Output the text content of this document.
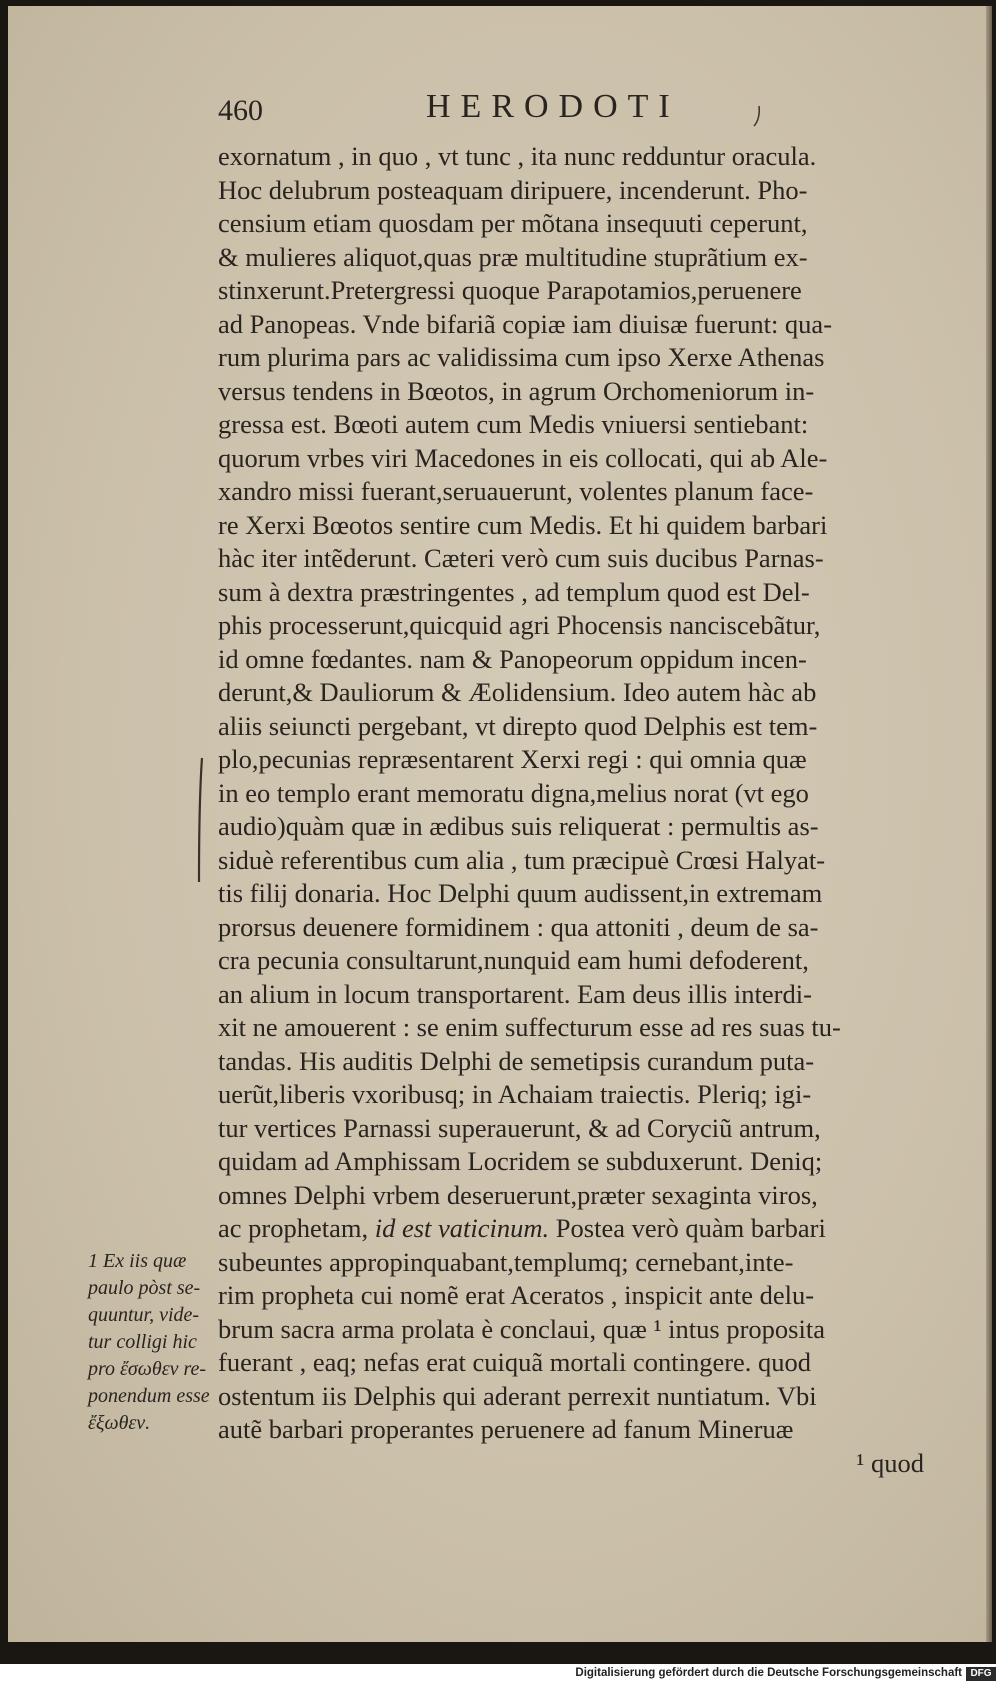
460	HERODOTI
exornatum , in quo , vt tunc , ita nunc redduntur oracula.
Hoc delubrum posteaquam diripuere, incenderunt. Pho-
censium etiam quosdam per mõtana insequuti ceperunt,
& mulieres aliquot,quas præ multitudine stuprãtium ex-
stinxerunt.Pretergressi quoque Parapotamios,peruenere
ad Panopeas. Vnde bifariã copiæ iam diuisæ fuerunt: qua-
rum plurima pars ac validissima cum ipso Xerxe Athenas
versus tendens in Bœotos, in agrum Orchomeniorum in-
gressa est. Bœoti autem cum Medis vniuersi sentiebant:
quorum vrbes viri Macedones in eis collocati, qui ab Ale-
xandro missi fuerant,seruauerunt, volentes planum face-
re Xerxi Bœotos sentire cum Medis. Et hi quidem barbari
hàc iter intẽderunt. Cæteri verò cum suis ducibus Parnas-
sum à dextra præstringentes , ad templum quod est Del-
phis processerunt,quicquid agri Phocensis nanciscebãtur,
id omne fœdantes. nam & Panopeorum oppidum incen-
derunt,& Dauliorum & Æolidensium. Ideo autem hàc ab
aliis seiuncti pergebant, vt direpto quod Delphis est tem-
plo,pecunias repræsentarent Xerxi regi : qui omnia quæ
in eo templo erant memoratu digna,melius norat (vt ego
audio)quàm quæ in ædibus suis reliquerat : permultis as-
siduè referentibus cum alia , tum præcipuè Crœsi Halyat-
tis filij donaria. Hoc Delphi quum audissent,in extremam
prorsus deuenere formidinem : qua attoniti , deum de sa-
cra pecunia consultarunt,nunquid eam humi defoderent,
an alium in locum transportarent. Eam deus illis interdi-
xit ne amouerent : se enim suffecturum esse ad res suas tu-
tandas. His auditis Delphi de semetipsis curandum puta-
uerũt,liberis vxoribusq; in Achaiam traiectis. Pleriq; igi-
tur vertices Parnassi superauerunt, & ad Coryciũ antrum,
quidam ad Amphissam Locridem se subduxerunt. Deniq;
omnes Delphi vrbem deseruerunt,præter sexaginta viros,
ac prophetam, id est vaticinum. Postea verò quàm barbari
subeuntes appropinquabant,templumq; cernebant,inte-
rim propheta cui nomẽ erat Aceratos , inspicit ante delu-
brum sacra arma prolata è conclaui, quæ ¹ intus proposita
fuerant , eaq; nefas erat cuiquã mortali contingere. quod
ostentum iis Delphis qui aderant perrexit nuntiatum. Vbi
autẽ barbari properantes peruenere ad fanum Mineruæ
¹ quod
1 Ex iis quæ
paulo pòst se-
quuntur, vide-
tur colligi hic
pro ἔσωθεν re-
ponendum esse
ἔξωθεν.
Digitalisierung gefördert durch die Deutsche Forschungsgemeinschaft DFG
